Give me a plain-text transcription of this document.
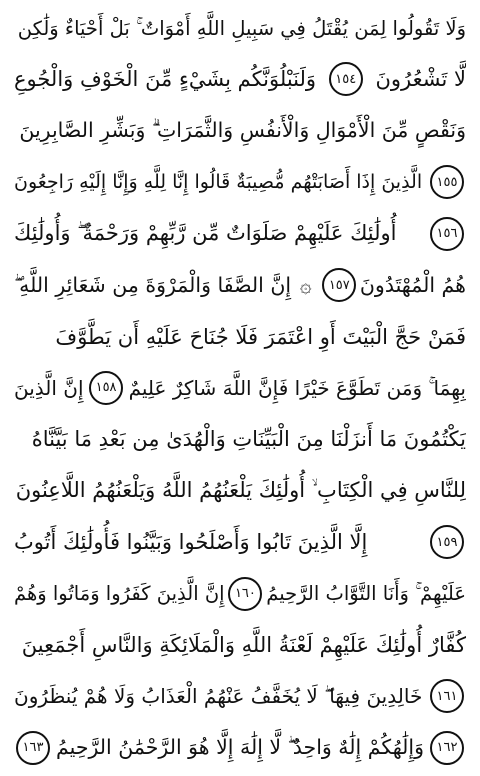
وَلَا تَقُولُوا لِمَن يُقْتَلُ فِي سَبِيلِ اللَّهِ أَمْوَاتٌ ۚ بَلْ أَحْيَاءٌ وَلَٰكِن
لَّا تَشْعُرُونَ
١٥٤
وَلَنَبْلُوَنَّكُم بِشَيْءٍ مِّنَ الْخَوْفِ وَالْجُوعِ
وَنَقْصٍ مِّنَ الْأَمْوَالِ وَالْأَنفُسِ وَالثَّمَرَاتِ ۗ وَبَشِّرِ الصَّابِرِينَ
١٥٥
الَّذِينَ إِذَا أَصَابَتْهُم مُّصِيبَةٌ قَالُوا إِنَّا لِلَّهِ وَإِنَّا إِلَيْهِ رَاجِعُونَ
١٥٦
أُولَٰئِكَ عَلَيْهِمْ صَلَوَاتٌ مِّن رَّبِّهِمْ وَرَحْمَةٌ ۖ وَأُولَٰئِكَ
هُمُ الْمُهْتَدُونَ
١٥٧
۞
إِنَّ الصَّفَا وَالْمَرْوَةَ مِن شَعَائِرِ اللَّهِ ۖ
فَمَنْ حَجَّ الْبَيْتَ أَوِ اعْتَمَرَ فَلَا جُنَاحَ عَلَيْهِ أَن يَطَّوَّفَ
بِهِمَا ۚ وَمَن تَطَوَّعَ خَيْرًا فَإِنَّ اللَّهَ شَاكِرٌ عَلِيمٌ
١٥٨
إِنَّ الَّذِينَ
يَكْتُمُونَ مَا أَنزَلْنَا مِنَ الْبَيِّنَاتِ وَالْهُدَىٰ مِن بَعْدِ مَا بَيَّنَّاهُ
لِلنَّاسِ فِي الْكِتَابِ ۙ أُولَٰئِكَ يَلْعَنُهُمُ اللَّهُ وَيَلْعَنُهُمُ اللَّاعِنُونَ
١٥٩
إِلَّا الَّذِينَ تَابُوا وَأَصْلَحُوا وَبَيَّنُوا فَأُولَٰئِكَ أَتُوبُ
عَلَيْهِمْ ۚ وَأَنَا التَّوَّابُ الرَّحِيمُ
١٦٠
إِنَّ الَّذِينَ كَفَرُوا وَمَاتُوا وَهُمْ
كُفَّارٌ أُولَٰئِكَ عَلَيْهِمْ لَعْنَةُ اللَّهِ وَالْمَلَائِكَةِ وَالنَّاسِ أَجْمَعِينَ
١٦١
خَالِدِينَ فِيهَا ۖ لَا يُخَفَّفُ عَنْهُمُ الْعَذَابُ وَلَا هُمْ يُنظَرُونَ
١٦٢
وَإِلَٰهُكُمْ إِلَٰهٌ وَاحِدٌ ۖ لَّا إِلَٰهَ إِلَّا هُوَ الرَّحْمَٰنُ الرَّحِيمُ
١٦٣
